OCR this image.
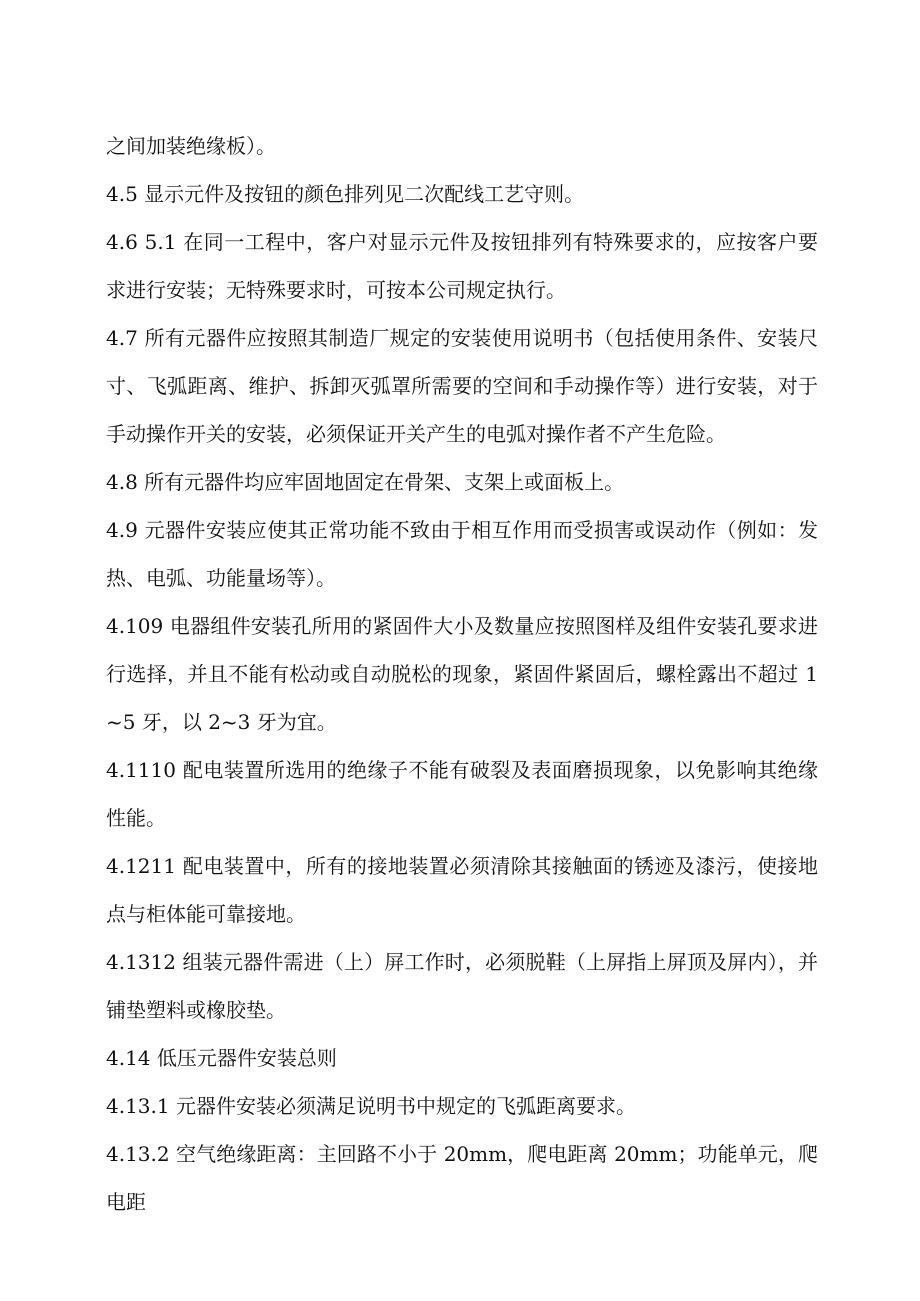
之间加装绝缘板）。

4.5 显示元件及按钮的颜色排列见二次配线工艺守则。

4.6 5.1 在同一工程中，客户对显示元件及按钮排列有特殊要求的，应按客户要求进行安装；无特殊要求时，可按本公司规定执行。

4.7 所有元器件应按照其制造厂规定的安装使用说明书（包括使用条件、安装尺寸、飞弧距离、维护、拆卸灭弧罩所需要的空间和手动操作等）进行安装，对于手动操作开关的安装，必须保证开关产生的电弧对操作者不产生危险。

4.8 所有元器件均应牢固地固定在骨架、支架上或面板上。

4.9 元器件安装应使其正常功能不致由于相互作用而受损害或误动作（例如：发热、电弧、功能量场等）。

4.109 电器组件安装孔所用的紧固件大小及数量应按照图样及组件安装孔要求进行选择，并且不能有松动或自动脱松的现象，紧固件紧固后，螺栓露出不超过 1~5 牙，以 2~3 牙为宜。

4.1110 配电装置所选用的绝缘子不能有破裂及表面磨损现象，以免影响其绝缘性能。

4.1211 配电装置中，所有的接地装置必须清除其接触面的锈迹及漆污，使接地点与柜体能可靠接地。

4.1312 组装元器件需进（上）屏工作时，必须脱鞋（上屏指上屏顶及屏内），并铺垫塑料或橡胶垫。

4.14 低压元器件安装总则

4.13.1 元器件安装必须满足说明书中规定的飞弧距离要求。

4.13.2 空气绝缘距离：主回路不小于 20mm，爬电距离 20mm；功能单元，爬电距
